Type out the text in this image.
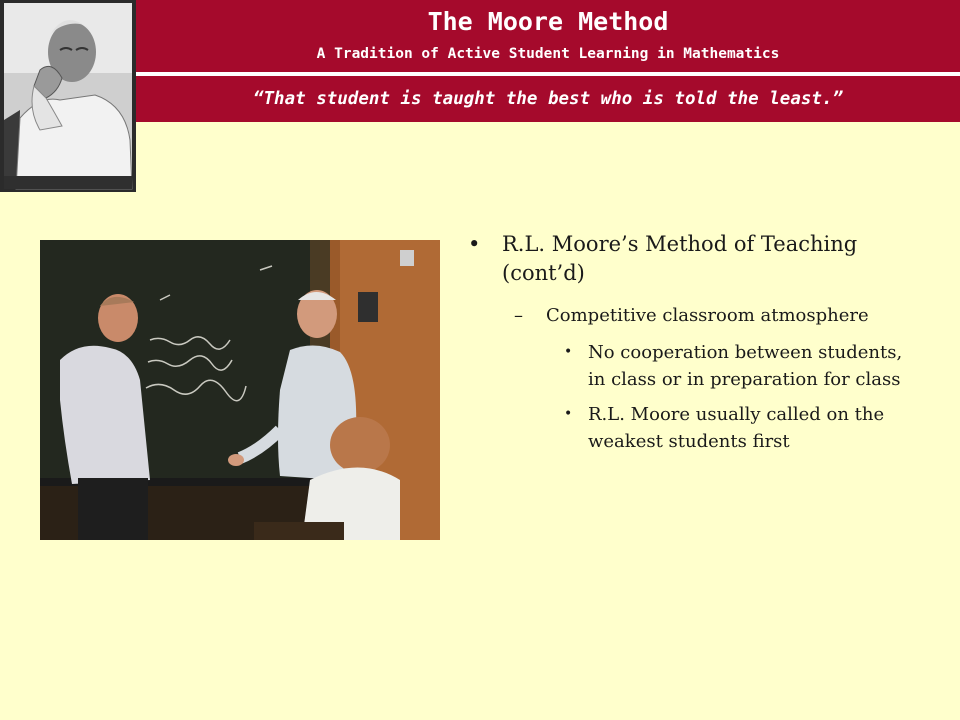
The Moore Method
A Tradition of Active Student Learning in Mathematics
“That student is taught the best who is told the least.”
• R.L. Moore’s Method of Teaching (cont’d)
– Competitive classroom atmosphere
• No cooperation between students, in class or in preparation for class
• R.L. Moore usually called on the weakest students first
